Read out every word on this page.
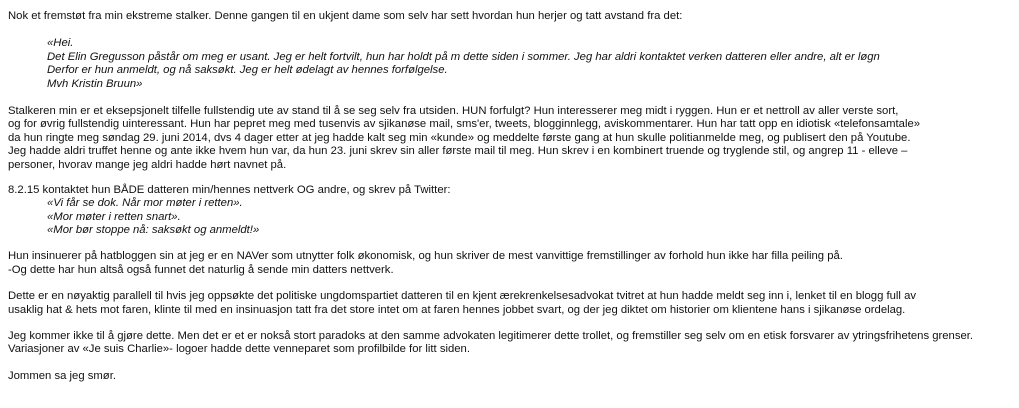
Nok et fremstøt fra min ekstreme stalker. Denne gangen til en ukjent dame som selv har sett hvordan hun herjer og tatt avstand fra det:
«Hei.
Det Elin Gregusson påstår om meg er usant. Jeg er helt fortvilt, hun har holdt på m dette siden i sommer. Jeg har aldri kontaktet verken datteren eller andre, alt er løgn
Derfor er hun anmeldt, og nå saksøkt. Jeg er helt ødelagt av hennes forfølgelse.
Mvh Kristin Bruun»
Stalkeren min er et eksepsjonelt tilfelle fullstendig ute av stand til å se seg selv fra utsiden. HUN forfulgt? Hun interesserer meg midt i ryggen. Hun er et nettroll av aller verste sort,
og for øvrig fullstendig uinteressant. Hun har pepret meg med tusenvis av sjikanøse mail, sms'er, tweets, blogginnlegg, aviskommentarer. Hun har tatt opp en idiotisk «telefonsamtale»
da hun ringte meg søndag 29. juni 2014, dvs 4 dager etter at jeg hadde kalt seg min «kunde» og meddelte første gang at hun skulle politianmelde meg, og publisert den på Youtube.
Jeg hadde aldri truffet henne og ante ikke hvem hun var, da hun 23. juni skrev sin aller første mail til meg. Hun skrev i en kombinert truende og tryglende stil, og angrep 11 - elleve –
personer, hvorav mange jeg aldri hadde hørt navnet på.
8.2.15 kontaktet hun BÅDE datteren min/hennes nettverk OG andre, og skrev på Twitter:
«Vi får se dok. Når mor møter i retten».
«Mor møter i retten snart».
«Mor bør stoppe nå: saksøkt og anmeldt!»
Hun insinuerer på hatbloggen sin at jeg er en NAVer som utnytter folk økonomisk, og hun skriver de mest vanvittige fremstillinger av forhold hun ikke har filla peiling på.
-Og dette har hun altså også funnet det naturlig å sende min datters nettverk.
Dette er en nøyaktig parallell til hvis jeg oppsøkte det politiske ungdomspartiet datteren til en kjent ærekrenkelsesadvokat tvitret at hun hadde meldt seg inn i, lenket til en blogg full av
usaklig hat & hets mot faren, klinte til med en insinuasjon tatt fra det store intet om at faren hennes jobbet svart, og der jeg diktet om historier om klientene hans i sjikanøse ordelag.
Jeg kommer ikke til å gjøre dette. Men det er et er nokså stort paradoks at den samme advokaten legitimerer dette trollet, og fremstiller seg selv om en etisk forsvarer av ytringsfrihetens grenser.
Variasjoner av «Je suis Charlie»- logoer hadde dette venneparet som profilbilde for litt siden.
Jommen sa jeg smør.
